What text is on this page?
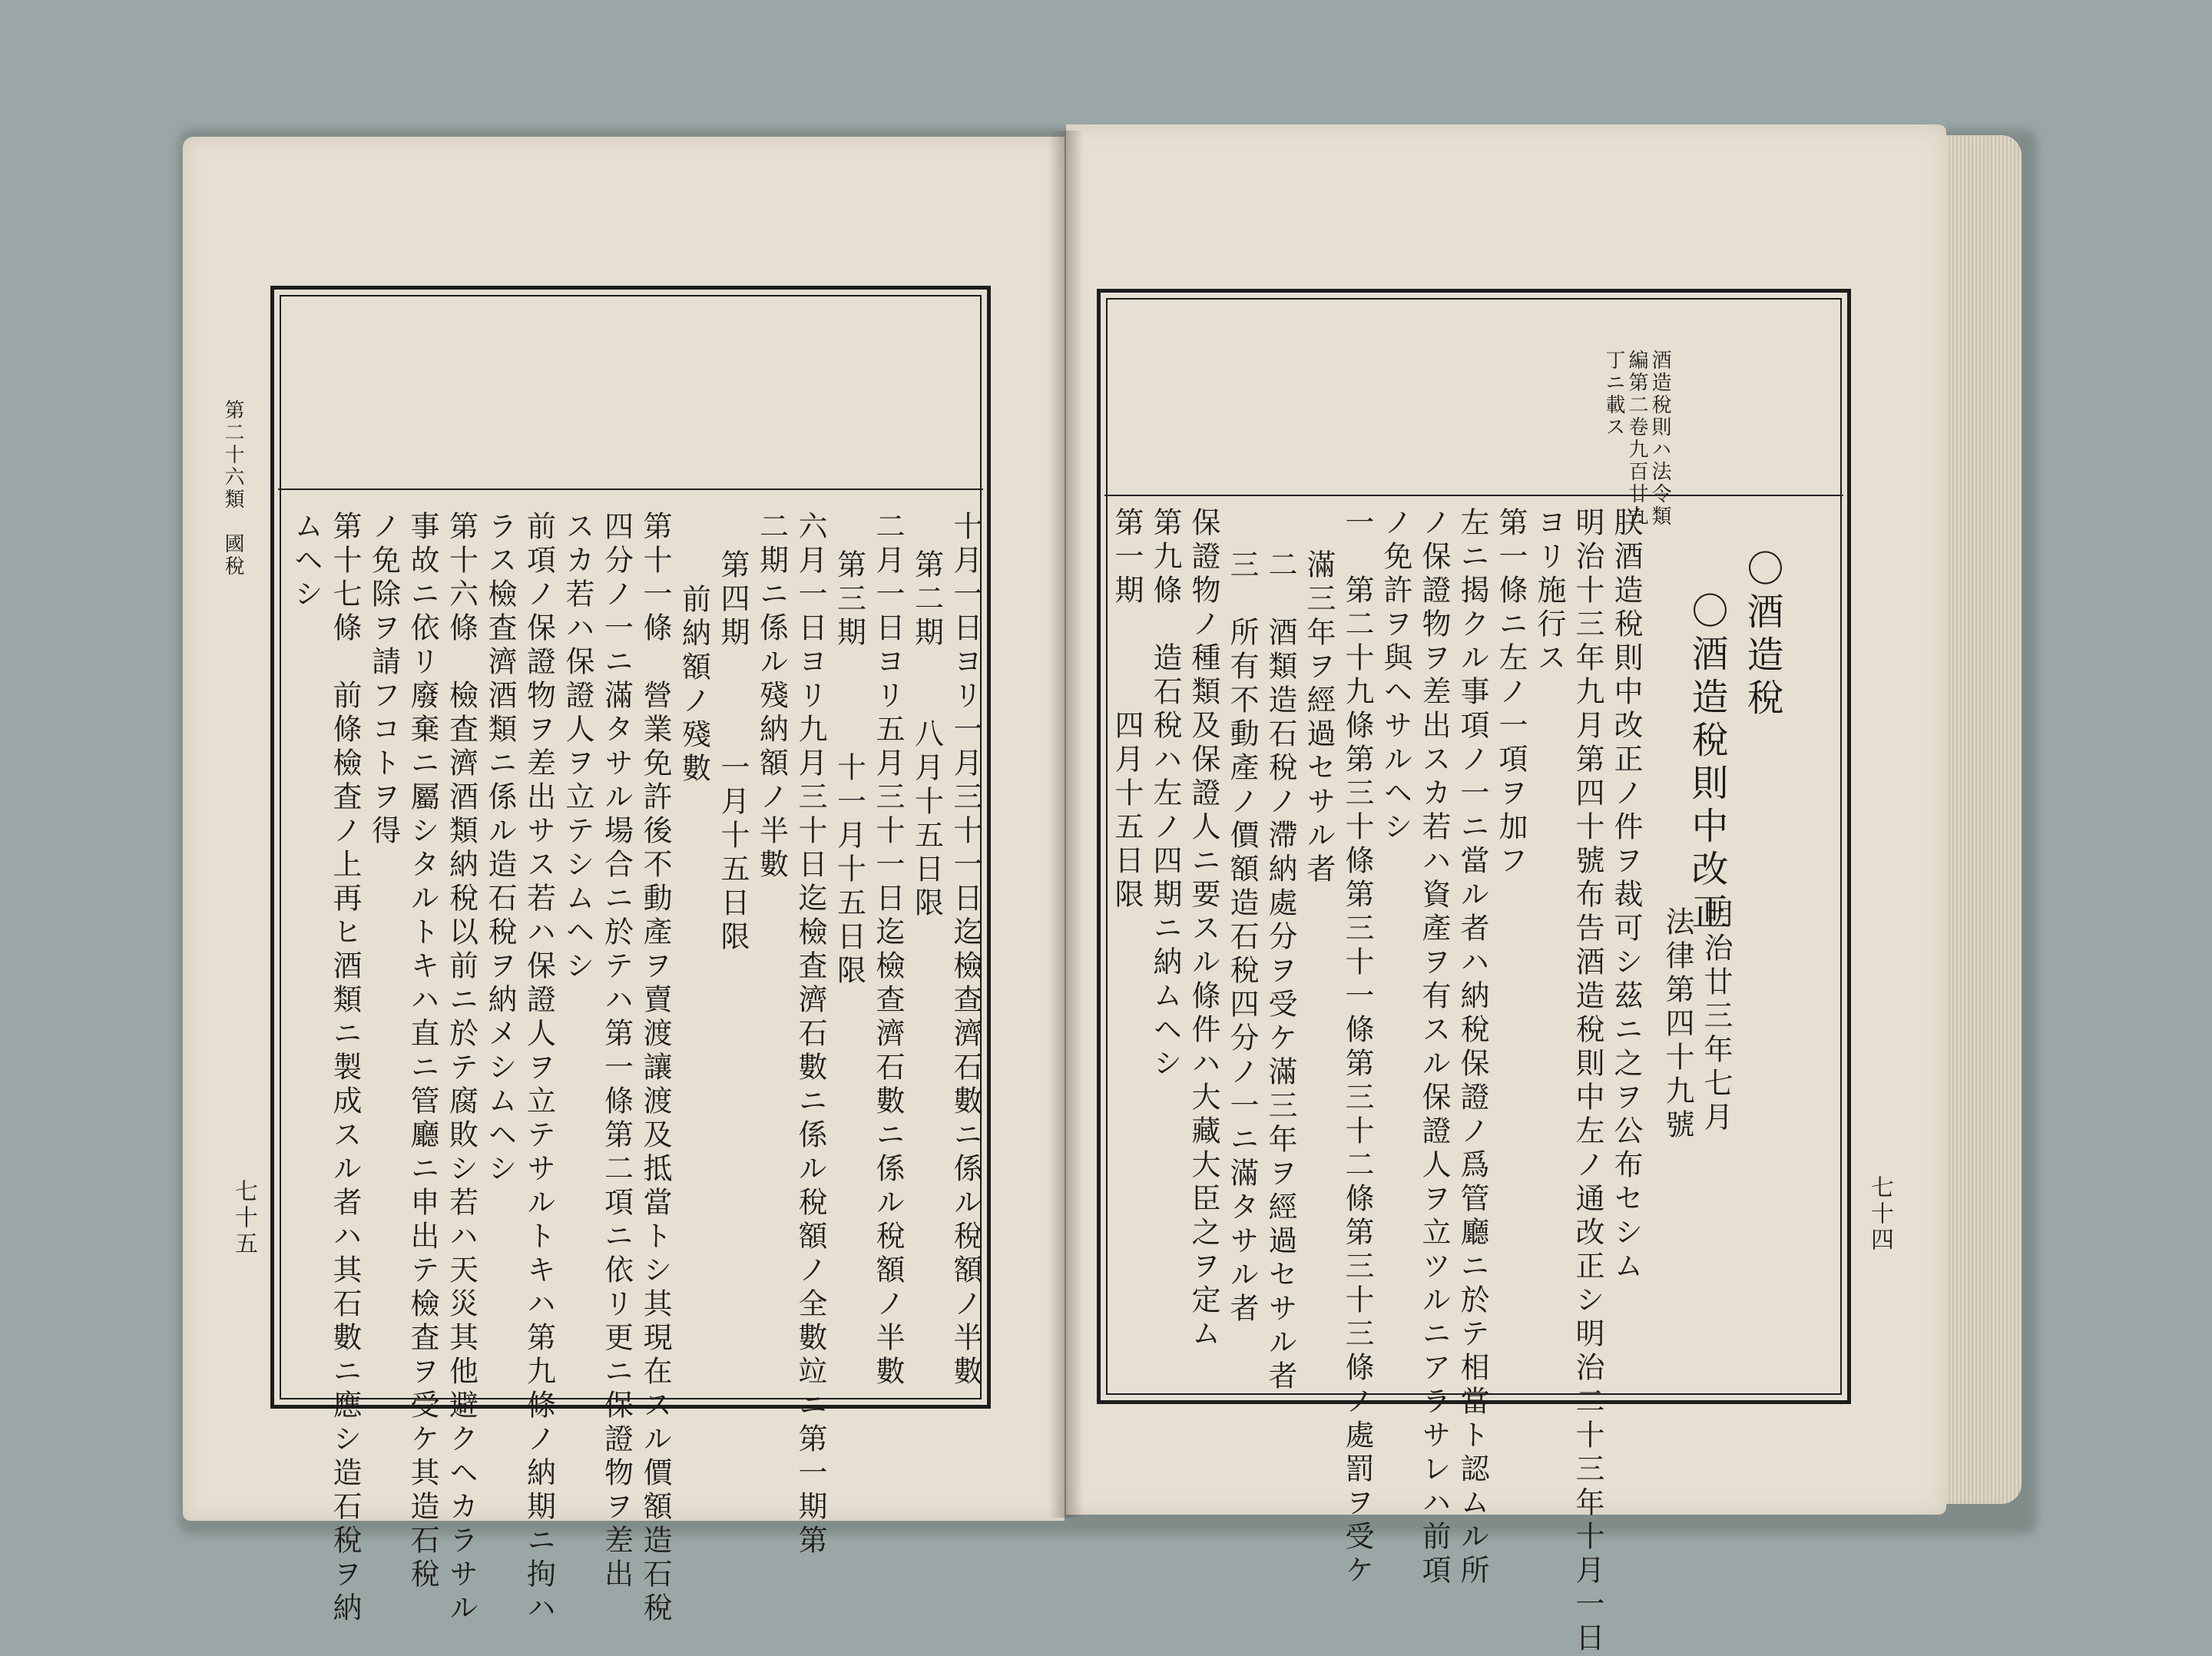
第二十六類　國稅
七十五	十月一日ヨリ一月三十一日迄檢查濟石數ニ係ル稅額ノ半數
第二期　　八月十五日限
二月一日ヨリ五月三十一日迄檢查濟石數ニ係ル稅額ノ半數
第三期　　　十一月十五日限
六月一日ヨリ九月三十日迄檢査濟石數ニ係ル稅額ノ全數竝ニ第一期第
二期ニ係ル殘納額ノ半數
第四期　　　一月十五日限
前納額ノ殘數
第十一條　營業免許後不動產ヲ賣渡讓渡及抵當トシ其現在スル價額造石稅
四分ノ一ニ滿タサル場合ニ於テハ第一條第二項ニ依リ更ニ保證物ヲ差出
スカ若ハ保證人ヲ立テシムヘシ
前項ノ保證物ヲ差出サス若ハ保證人ヲ立テサルトキハ第九條ノ納期ニ拘ハ
ラス檢査濟酒類ニ係ル造石稅ヲ納メシムヘシ
第十六條　檢査濟酒類納稅以前ニ於テ腐敗シ若ハ天災其他避クヘカラサル
事故ニ依リ廢棄ニ屬シタルトキハ直ニ管廳ニ申出テ檢査ヲ受ケ其造石稅
ノ免除ヲ請フコトヲ得
第十七條　前條檢査ノ上再ヒ酒類ニ製成スル者ハ其石數ニ應シ造石稅ヲ納
ムヘシ
酒造稅則ハ法令類
編第二卷九百廿九
丁ニ載ス
七十四
〇酒造稅
〇酒造稅則中改正
明治廿三年七月
法律第四十九號
朕酒造稅則中改正ノ件ヲ裁可シ茲ニ之ヲ公布セシム
明治十三年九月第四十號布告酒造稅則中左ノ通改正シ明治二十三年十月一日
ヨリ施行ス
第一條ニ左ノ一項ヲ加フ
左ニ揭クル事項ノ一ニ當ル者ハ納稅保證ノ爲管廳ニ於テ相當ト認ムル所
ノ保證物ヲ差出スカ若ハ資產ヲ有スル保證人ヲ立ツルニアラサレハ前項
ノ免許ヲ與ヘサルヘシ
一　第二十九條第三十條第三十一條第三十二條第三十三條ノ處罰ヲ受ケ
滿三年ヲ經過セサル者
二　酒類造石稅ノ滯納處分ヲ受ケ滿三年ヲ經過セサル者
三　所有不動產ノ價額造石稅四分ノ一ニ滿タサル者
保證物ノ種類及保證人ニ要スル條件ハ大藏大臣之ヲ定ム
第九條　造石稅ハ左ノ四期ニ納ムヘシ
第一期　　　四月十五日限
